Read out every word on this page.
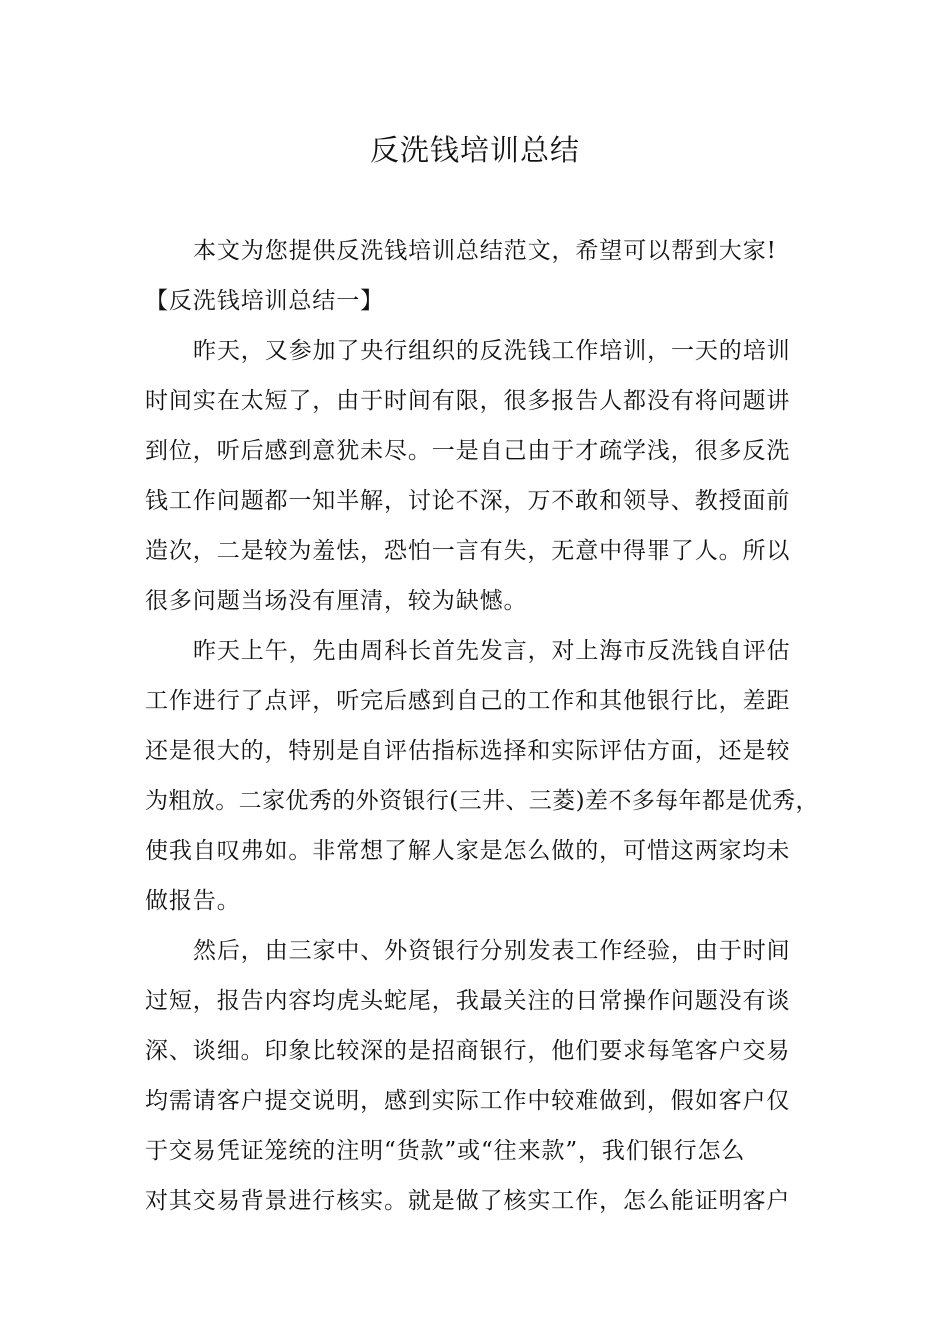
反洗钱培训总结
本文为您提供反洗钱培训总结范文，希望可以帮到大家!
【反洗钱培训总结一】
昨天，又参加了央行组织的反洗钱工作培训，一天的培训
时间实在太短了，由于时间有限，很多报告人都没有将问题讲
到位，听后感到意犹未尽。一是自己由于才疏学浅，很多反洗
钱工作问题都一知半解，讨论不深，万不敢和领导、教授面前
造次，二是较为羞怯，恐怕一言有失，无意中得罪了人。所以
很多问题当场没有厘清，较为缺憾。
昨天上午，先由周科长首先发言，对上海市反洗钱自评估
工作进行了点评，听完后感到自己的工作和其他银行比，差距
还是很大的，特别是自评估指标选择和实际评估方面，还是较
为粗放。二家优秀的外资银行(三井、三菱)差不多每年都是优秀，
使我自叹弗如。非常想了解人家是怎么做的，可惜这两家均未
做报告。
然后，由三家中、外资银行分别发表工作经验，由于时间
过短，报告内容均虎头蛇尾，我最关注的日常操作问题没有谈
深、谈细。印象比较深的是招商银行，他们要求每笔客户交易
均需请客户提交说明，感到实际工作中较难做到，假如客户仅
于交易凭证笼统的注明“货款”或“往来款”，我们银行怎么
对其交易背景进行核实。就是做了核实工作，怎么能证明客户
